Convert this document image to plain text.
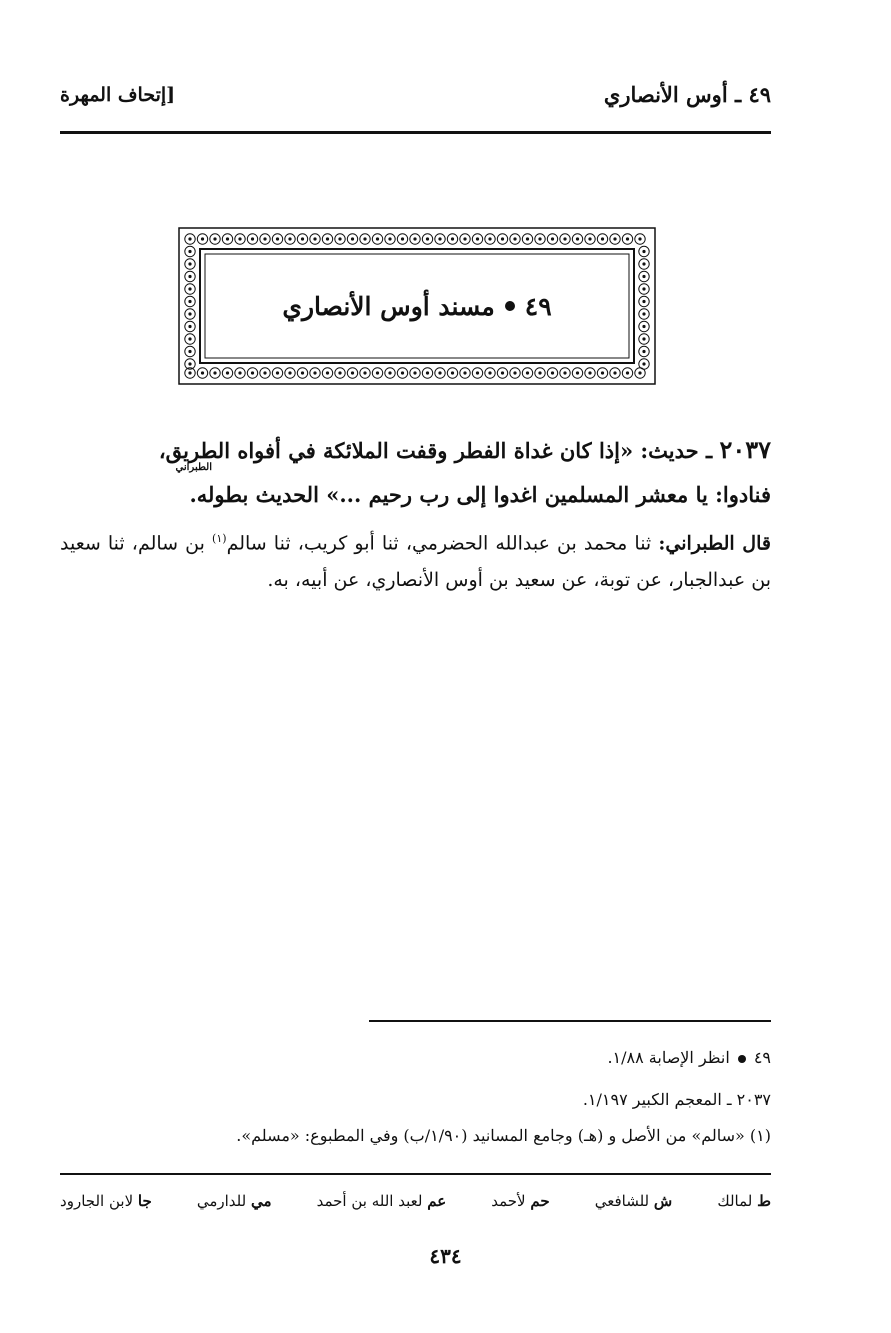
٤٩ ـ أوس الأنصاري
[إتحاف المهرة
٤٩
مسند أوس الأنصاري
٢٠٣٧ ـ حديث: «إذا كان غداة الفطر وقفت الملائكة في أفواه الطريق،
فنادوا: يا معشر المسلمين اغدوا إلى رب رحيم ...» الحديث بطوله.
الطبراني
قال الطبراني: ثنا محمد بن عبدالله الحضرمي، ثنا أبو كريب، ثنا سالم$^{(١)}$ بن سالم، ثنا سعيد بن عبدالجبار، عن توبة، عن سعيد بن أوس الأنصاري، عن أبيه، به.
٤٩انظر الإصابة ١/٨٨.
٢٠٣٧ ـ المعجم الكبير ١/١٩٧.
(١) «سالم» من الأصل و (هـ) وجامع المسانيد (١/٩٠/ب) وفي المطبوع: «مسلم».
ط لمالك
ش للشافعي
حم لأحمد
عم لعبد الله بن أحمد
مي للدارمي
جا لابن الجارود
٤٣٤
